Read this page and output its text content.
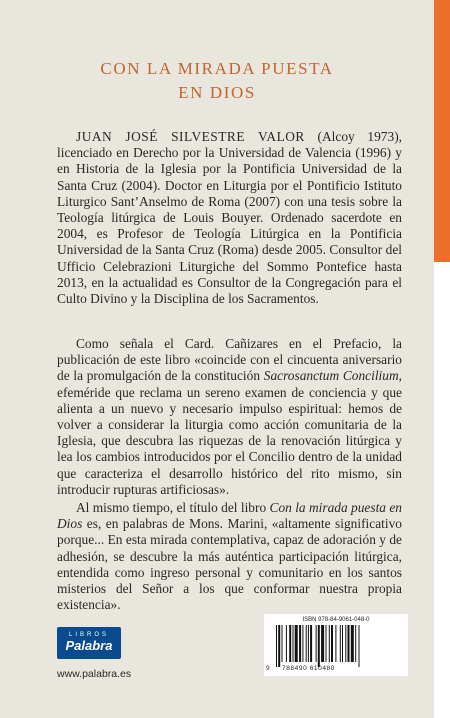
CON LA MIRADA PUESTA
EN DIOS

JUAN JOSÉ SILVESTRE VALOR (Alcoy 1973), licenciado en Derecho por la Universidad de Valencia (1996) y en Historia de la Iglesia por la Pontificia Universidad de la Santa Cruz (2004). Doctor en Liturgia por el Pontificio Istituto Liturgico Sant’Anselmo de Roma (2007) con una tesis sobre la Teología litúrgica de Louis Bouyer. Ordenado sacerdote en 2004, es Profesor de Teología Litúrgica en la Pontificia Universidad de la Santa Cruz (Roma) desde 2005. Consultor del Ufficio Celebrazioni Liturgiche del Sommo Pontefice hasta 2013, en la actualidad es Consultor de la Congregación para el Culto Divino y la Disciplina de los Sacramentos.

Como señala el Card. Cañizares en el Prefacio, la publicación de este libro «coincide con el cincuenta aniversario de la promulgación de la constitución Sacrosanctum Concilium, efeméride que reclama un sereno examen de conciencia y que alienta a un nuevo y necesario impulso espiritual: hemos de volver a considerar la liturgia como acción comunitaria de la Iglesia, que descubra las riquezas de la renovación litúrgica y lea los cambios introducidos por el Concilio dentro de la unidad que caracteriza el desarrollo histórico del rito mismo, sin introducir rupturas artificiosas».

Al mismo tiempo, el título del libro Con la mirada puesta en Dios es, en palabras de Mons. Marini, «altamente significativo porque... En esta mirada contemplativa, capaz de adoración y de adhesión, se descubre la más auténtica participación litúrgica, entendida como ingreso personal y comunitario en los santos misterios del Señor a los que conformar nuestra propia existencia».

LIBROS
Palabra
www.palabra.es
ISBN 978-84-9061-048-0
9 788490 610480
